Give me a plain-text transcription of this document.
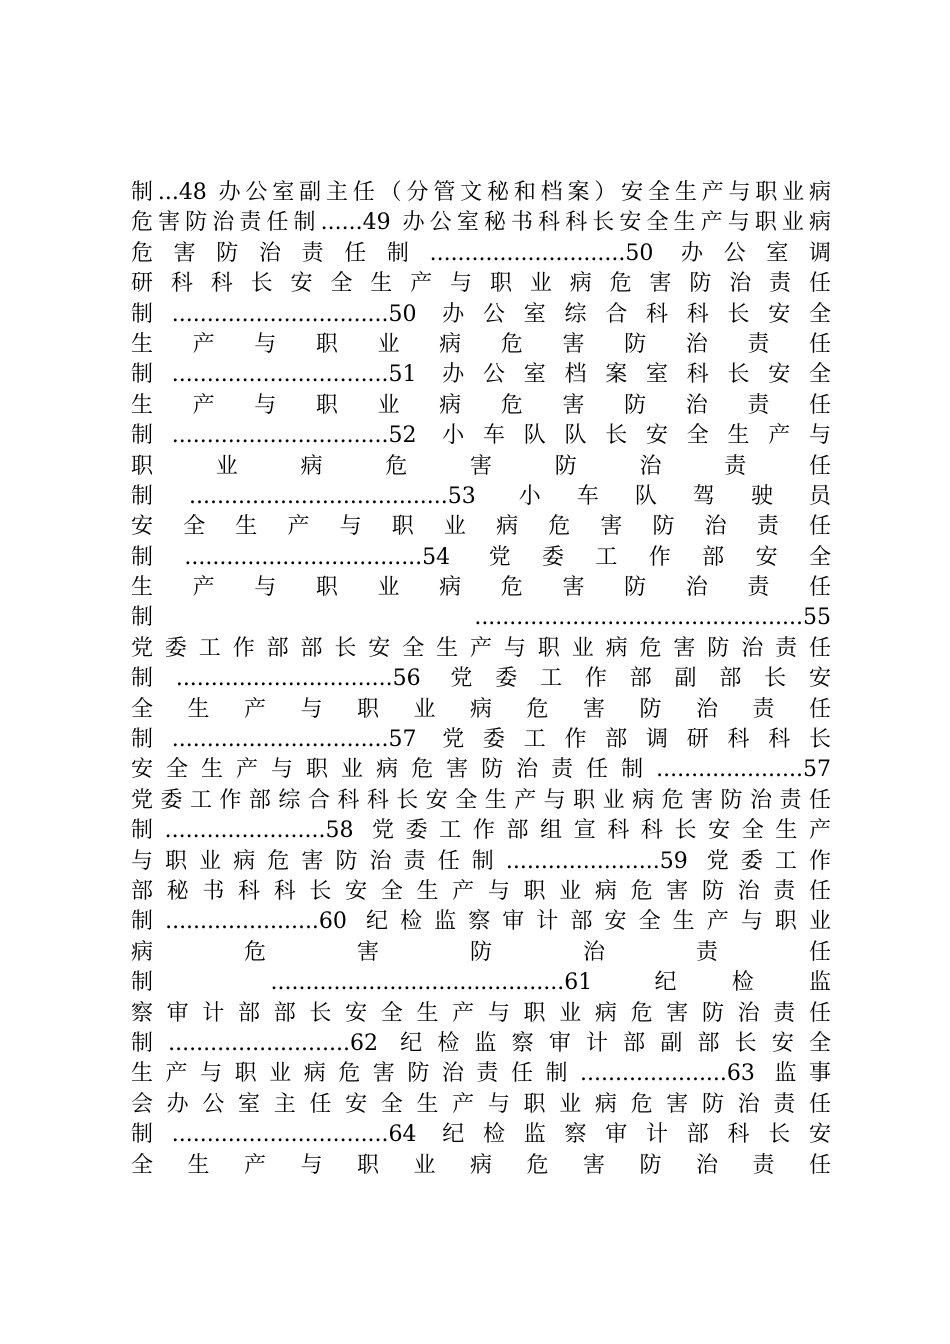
制...48 办公室副主任（分管文秘和档案）安全生产与职业病
危害防治责任制......49 办公室秘书科科长安全生产与职业病
危害防治责任制............................50 办公室调
研 科 科 长 安 全 生 产 与 职 业 病 危 害 防 治 责 任
制...............................50 办公室综合科科长安全
生 产 与 职 业 病 危 害 防 治 责 任
制...............................51 办公室档案室科长安全
生 产 与 职 业 病 危 害 防 治 责 任
制...............................52 小车队队长安全生产与
职 业 病 危 害 防 治 责 任
制.....................................53 小车队驾驶员
安 全 生 产 与 职 业 病 危 害 防 治 责 任
制..................................54 党委工作部安全
生 产 与 职 业 病 危 害 防 治 责 任
制 ...............................................55
党 委 工 作 部 部 长 安 全 生 产 与 职 业 病 危 害 防 治 责 任
制...............................56 党委工作部副部长安
全 生 产 与 职 业 病 危 害 防 治 责 任
制...............................57 党委工作部调研科科长
安全生产与职业病危害防治责任制.....................57
党 委 工 作 部 综 合 科 科 长 安 全 生 产 与 职 业 病 危 害 防 治 责 任
制.......................58 党委工作部组宣科科长安全生产
与职业病危害防治责任制......................59 党委工作
部 秘 书 科 科 长 安 全 生 产 与 职 业 病 危 害 防 治 责 任
制......................60 纪检监察审计部安全生产与职业
病 危 害 防 治 责 任
制 ..........................................61 纪检监
察 审 计 部 部 长 安 全 生 产 与 职 业 病 危 害 防 治 责 任
制..........................62 纪检监察审计部副部长安全
生产与职业病危害防治责任制.....................63 监事
会 办 公 室 主 任 安 全 生 产 与 职 业 病 危 害 防 治 责 任
制...............................64 纪检监察审计部科长安
全 生 产 与 职 业 病 危 害 防 治 责 任
